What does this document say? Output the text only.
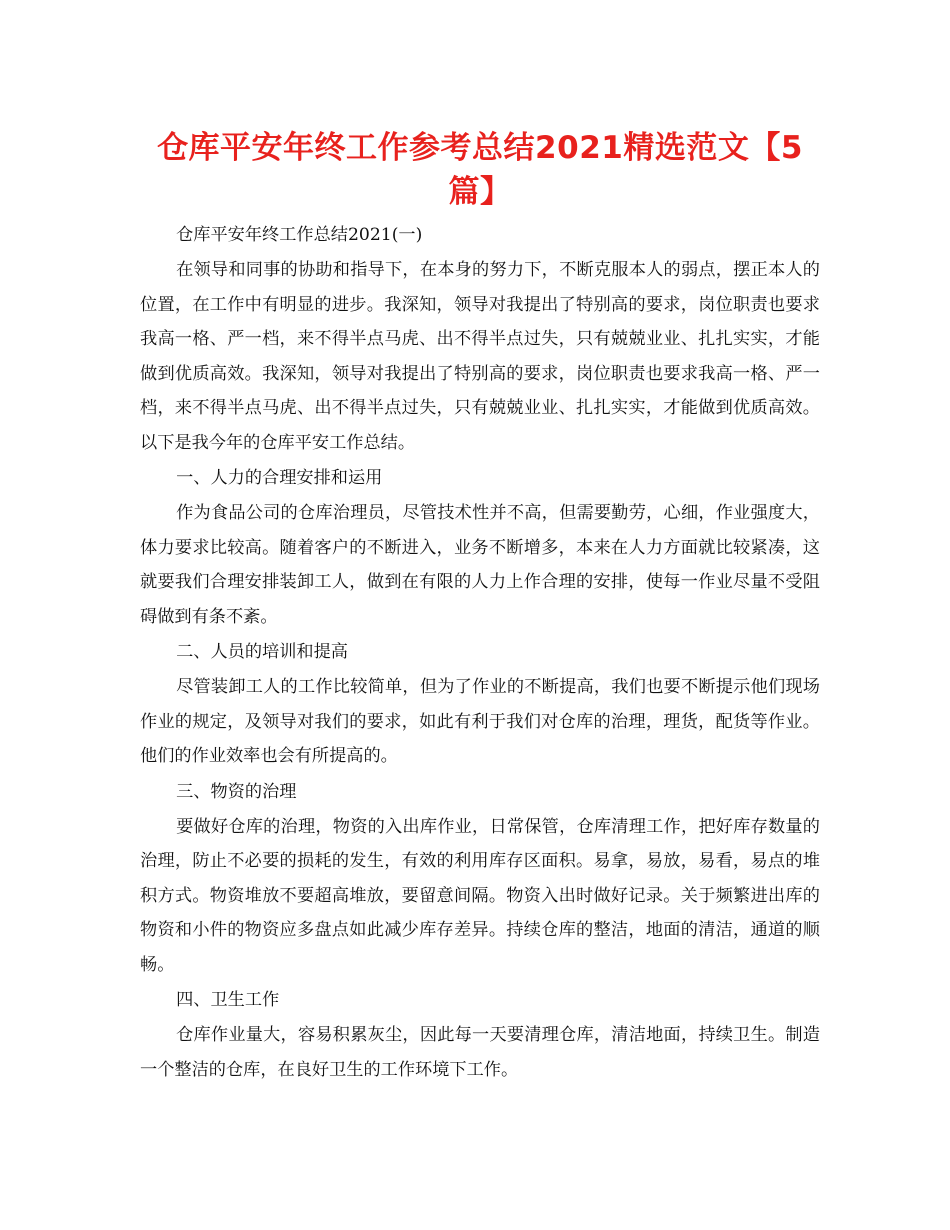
仓库平安年终工作参考总结2021精选范文【5篇】

仓库平安年终工作总结2021(一)

在领导和同事的协助和指导下，在本身的努力下，不断克服本人的弱点，摆正本人的位置，在工作中有明显的进步。我深知，领导对我提出了特别高的要求，岗位职责也要求我高一格、严一档，来不得半点马虎、出不得半点过失，只有兢兢业业、扎扎实实，才能做到优质高效。我深知，领导对我提出了特别高的要求，岗位职责也要求我高一格、严一档，来不得半点马虎、出不得半点过失，只有兢兢业业、扎扎实实，才能做到优质高效。以下是我今年的仓库平安工作总结。

一、人力的合理安排和运用

作为食品公司的仓库治理员，尽管技术性并不高，但需要勤劳，心细，作业强度大，体力要求比较高。随着客户的不断进入，业务不断增多，本来在人力方面就比较紧凑，这就要我们合理安排装卸工人，做到在有限的人力上作合理的安排，使每一作业尽量不受阻碍做到有条不紊。

二、人员的培训和提高

尽管装卸工人的工作比较简单，但为了作业的不断提高，我们也要不断提示他们现场作业的规定，及领导对我们的要求，如此有利于我们对仓库的治理，理货，配货等作业。他们的作业效率也会有所提高的。

三、物资的治理

要做好仓库的治理，物资的入出库作业，日常保管，仓库清理工作，把好库存数量的治理，防止不必要的损耗的发生，有效的利用库存区面积。易拿，易放，易看，易点的堆积方式。物资堆放不要超高堆放，要留意间隔。物资入出时做好记录。关于频繁进出库的物资和小件的物资应多盘点如此减少库存差异。持续仓库的整洁，地面的清洁，通道的顺畅。

四、卫生工作

仓库作业量大，容易积累灰尘，因此每一天要清理仓库，清洁地面，持续卫生。制造一个整洁的仓库，在良好卫生的工作环境下工作。
